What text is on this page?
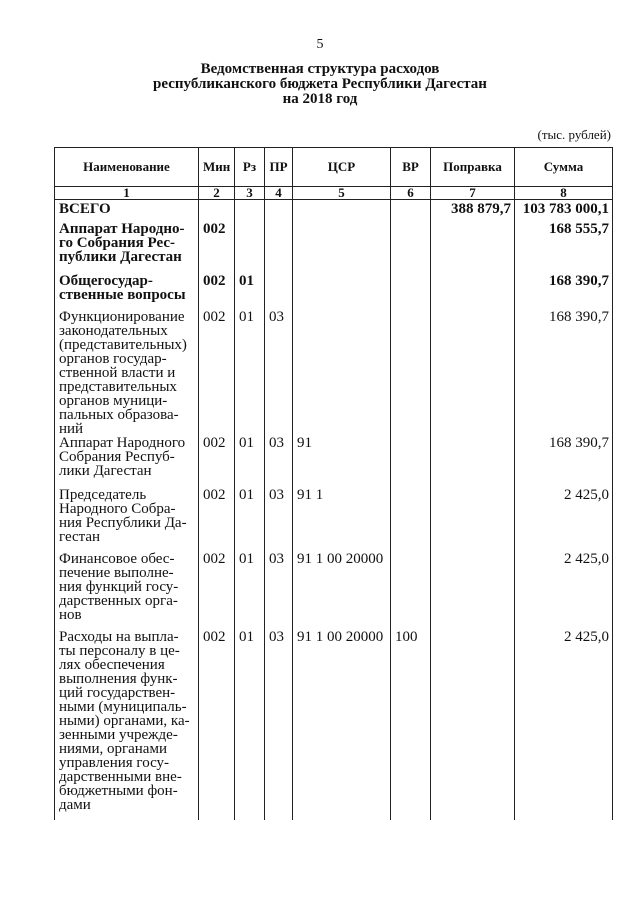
5
Ведомственная структура расходов
республиканского бюджета Республики Дагестан
на 2018 год
(тыс. рублей)
Наименование	Мин	Рз	ПР	ЦСР	ВР	Поправка	Сумма
1	2	3	4	5	6	7	8
ВСЕГО						388 879,7	103 783 000,1
Аппарат Народно-го Собрания Рес-публики Дагестан	002						168 555,7
Общегосудар-ственные вопросы	002	01					168 390,7
Функционирование законодательных (представительных) органов государ-ственной власти и представительных органов муници-пальных образова-ний	002	01	03				168 390,7
Аппарат Народного Собрания Респуб-лики Дагестан	002	01	03	91			168 390,7
Председатель Народного Собра-ния Республики Да-гестан	002	01	03	91 1			2 425,0
Финансовое обес-печение выполне-ния функций госу-дарственных орга-нов	002	01	03	91 1 00 20000			2 425,0
Расходы на выпла-ты персоналу в це-лях обеспечения выполнения функ-ций государствен-ными (муниципаль-ными) органами, ка-зенными учрежде-ниями, органами управления госу-дарственными вне-бюджетными фон-дами	002	01	03	91 1 00 20000	100		2 425,0
